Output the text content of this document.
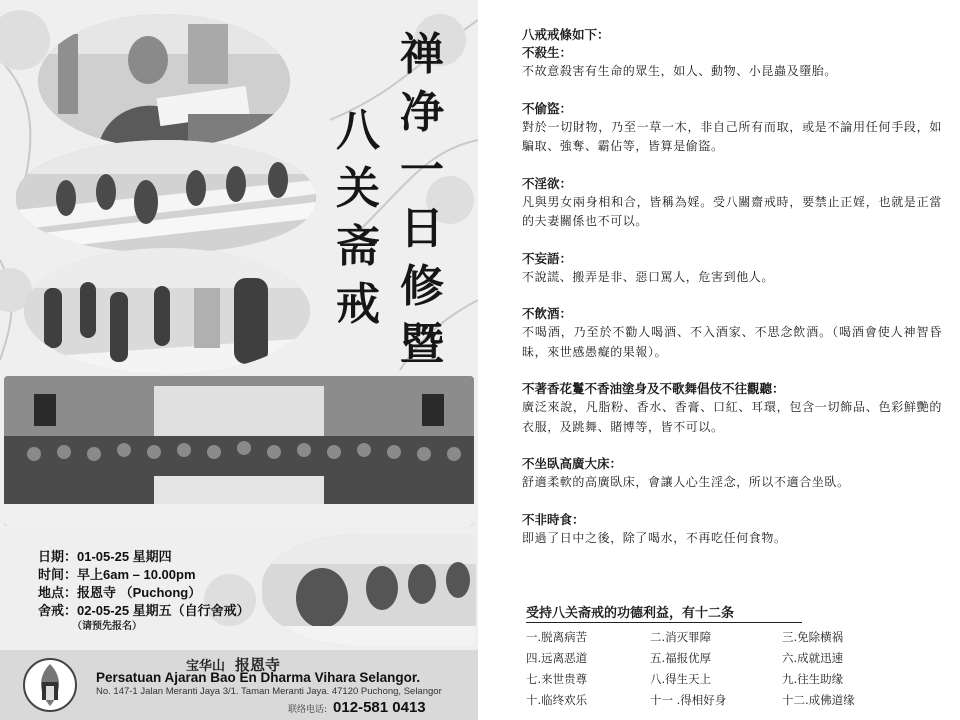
禅
净
一
日
修
暨
八
关
斋
戒
日期：01-05-25 星期四
时间：早上6am – 10.00pm
地点：报恩寺 （Puchong）
舍戒：02-05-25 星期五（自行舍戒）
（请预先报名）
宝华山 报恩寺
Persatuan Ajaran Bao En Dharma Vihara Selangor.
No. 147-1 Jalan Meranti Jaya 3/1. Taman Meranti Jaya. 47120 Puchong, Selangor
联络电话: 012-581 0413
八戒戒條如下：
不殺生：
不故意殺害有生命的眾生，如人、動物、小昆蟲及墮胎。
不偷盜：
對於一切財物，乃至一草一木，非自己所有而取，或是不論用任何手段，如騙取、強奪、霸佔等，皆算是偷盜。
不淫欲：
凡與男女兩身相和合，皆稱為婬。受八關齋戒時，要禁止正婬，也就是正當的夫妻關係也不可以。
不妄語：
不說謊、搬弄是非、惡口罵人，危害到他人。
不飲酒：
不喝酒，乃至於不勸人喝酒、不入酒家、不思念飲酒。（喝酒會使人神智昏昧，來世感愚癡的果報）。
不著香花鬘不香油塗身及不歌舞倡伎不往觀聽：
廣泛來說，凡脂粉、香水、香膏、口紅、耳環，包含一切飾品、色彩鮮艷的衣服，及跳舞、賭博等，皆不可以。
不坐臥高廣大床：
舒適柔軟的高廣臥床，會讓人心生淫念，所以不適合坐臥。
不非時食：
即過了日中之後，除了喝水，不再吃任何食物。
受持八关斋戒的功德利益，有十二条
一.脱离病苦	二.消灭罪障	三.免除横祸
四.远离恶道	五.福报优厚	六.成就迅速
七.来世贵尊	八.得生天上	九.往生助缘
十.临终欢乐	十一 .得相好身	十二.成佛道缘
